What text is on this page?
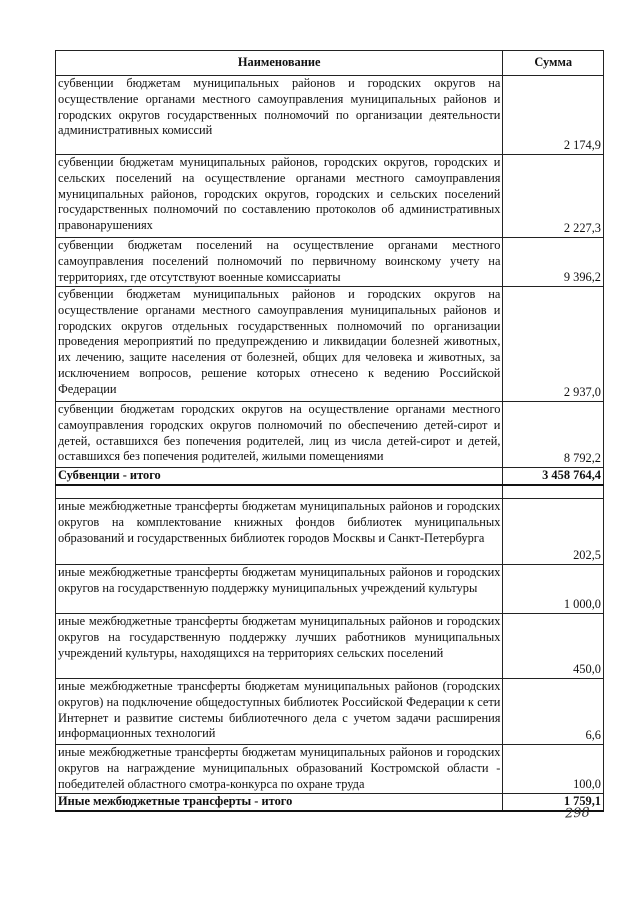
Наименование	Сумма
субвенции бюджетам муниципальных районов и городских округов на осуществление органами местного самоуправления муниципальных районов и городских округов государственных полномочий по организации деятельности административных комиссий	2 174,9
субвенции бюджетам муниципальных районов, городских округов, городских и сельских поселений на осуществление органами местного самоуправления муниципальных районов, городских округов, городских и сельских поселений государственных полномочий по составлению протоколов об административных правонарушениях	2 227,3
субвенции бюджетам поселений на осуществление органами местного самоуправления поселений полномочий по первичному воинскому учету на территориях, где отсутствуют военные комиссариаты	9 396,2
субвенции бюджетам муниципальных районов и городских округов на осуществление органами местного самоуправления муниципальных районов и городских округов отдельных государственных полномочий по организации проведения мероприятий по предупреждению и ликвидации болезней животных, их лечению, защите населения от болезней, общих для человека и животных, за исключением вопросов, решение которых отнесено к ведению Российской Федерации	2 937,0
субвенции бюджетам городских округов на осуществление органами местного самоуправления городских округов полномочий по обеспечению детей-сирот и детей, оставшихся без попечения родителей, лиц из числа детей-сирот и детей, оставшихся без попечения родителей, жилыми помещениями	8 792,2
Субвенции - итого	3 458 764,4

иные межбюджетные трансферты бюджетам муниципальных районов и городских округов на комплектование книжных фондов библиотек муниципальных образований и государственных библиотек городов Москвы и Санкт-Петербурга	202,5
иные межбюджетные трансферты бюджетам муниципальных районов и городских округов на государственную поддержку муниципальных учреждений культуры	1 000,0
иные межбюджетные трансферты бюджетам муниципальных районов и городских округов на государственную поддержку лучших работников муниципальных учреждений культуры, находящихся на территориях сельских поселений	450,0
иные межбюджетные трансферты бюджетам муниципальных районов (городских округов) на подключение общедоступных библиотек Российской Федерации к сети Интернет и развитие системы библиотечного дела с учетом задачи расширения информационных технологий	6,6
иные межбюджетные трансферты бюджетам муниципальных районов и городских округов на награждение муниципальных образований Костромской области - победителей областного смотра-конкурса по охране труда	100,0
Иные межбюджетные трансферты - итого	1 759,1
298
